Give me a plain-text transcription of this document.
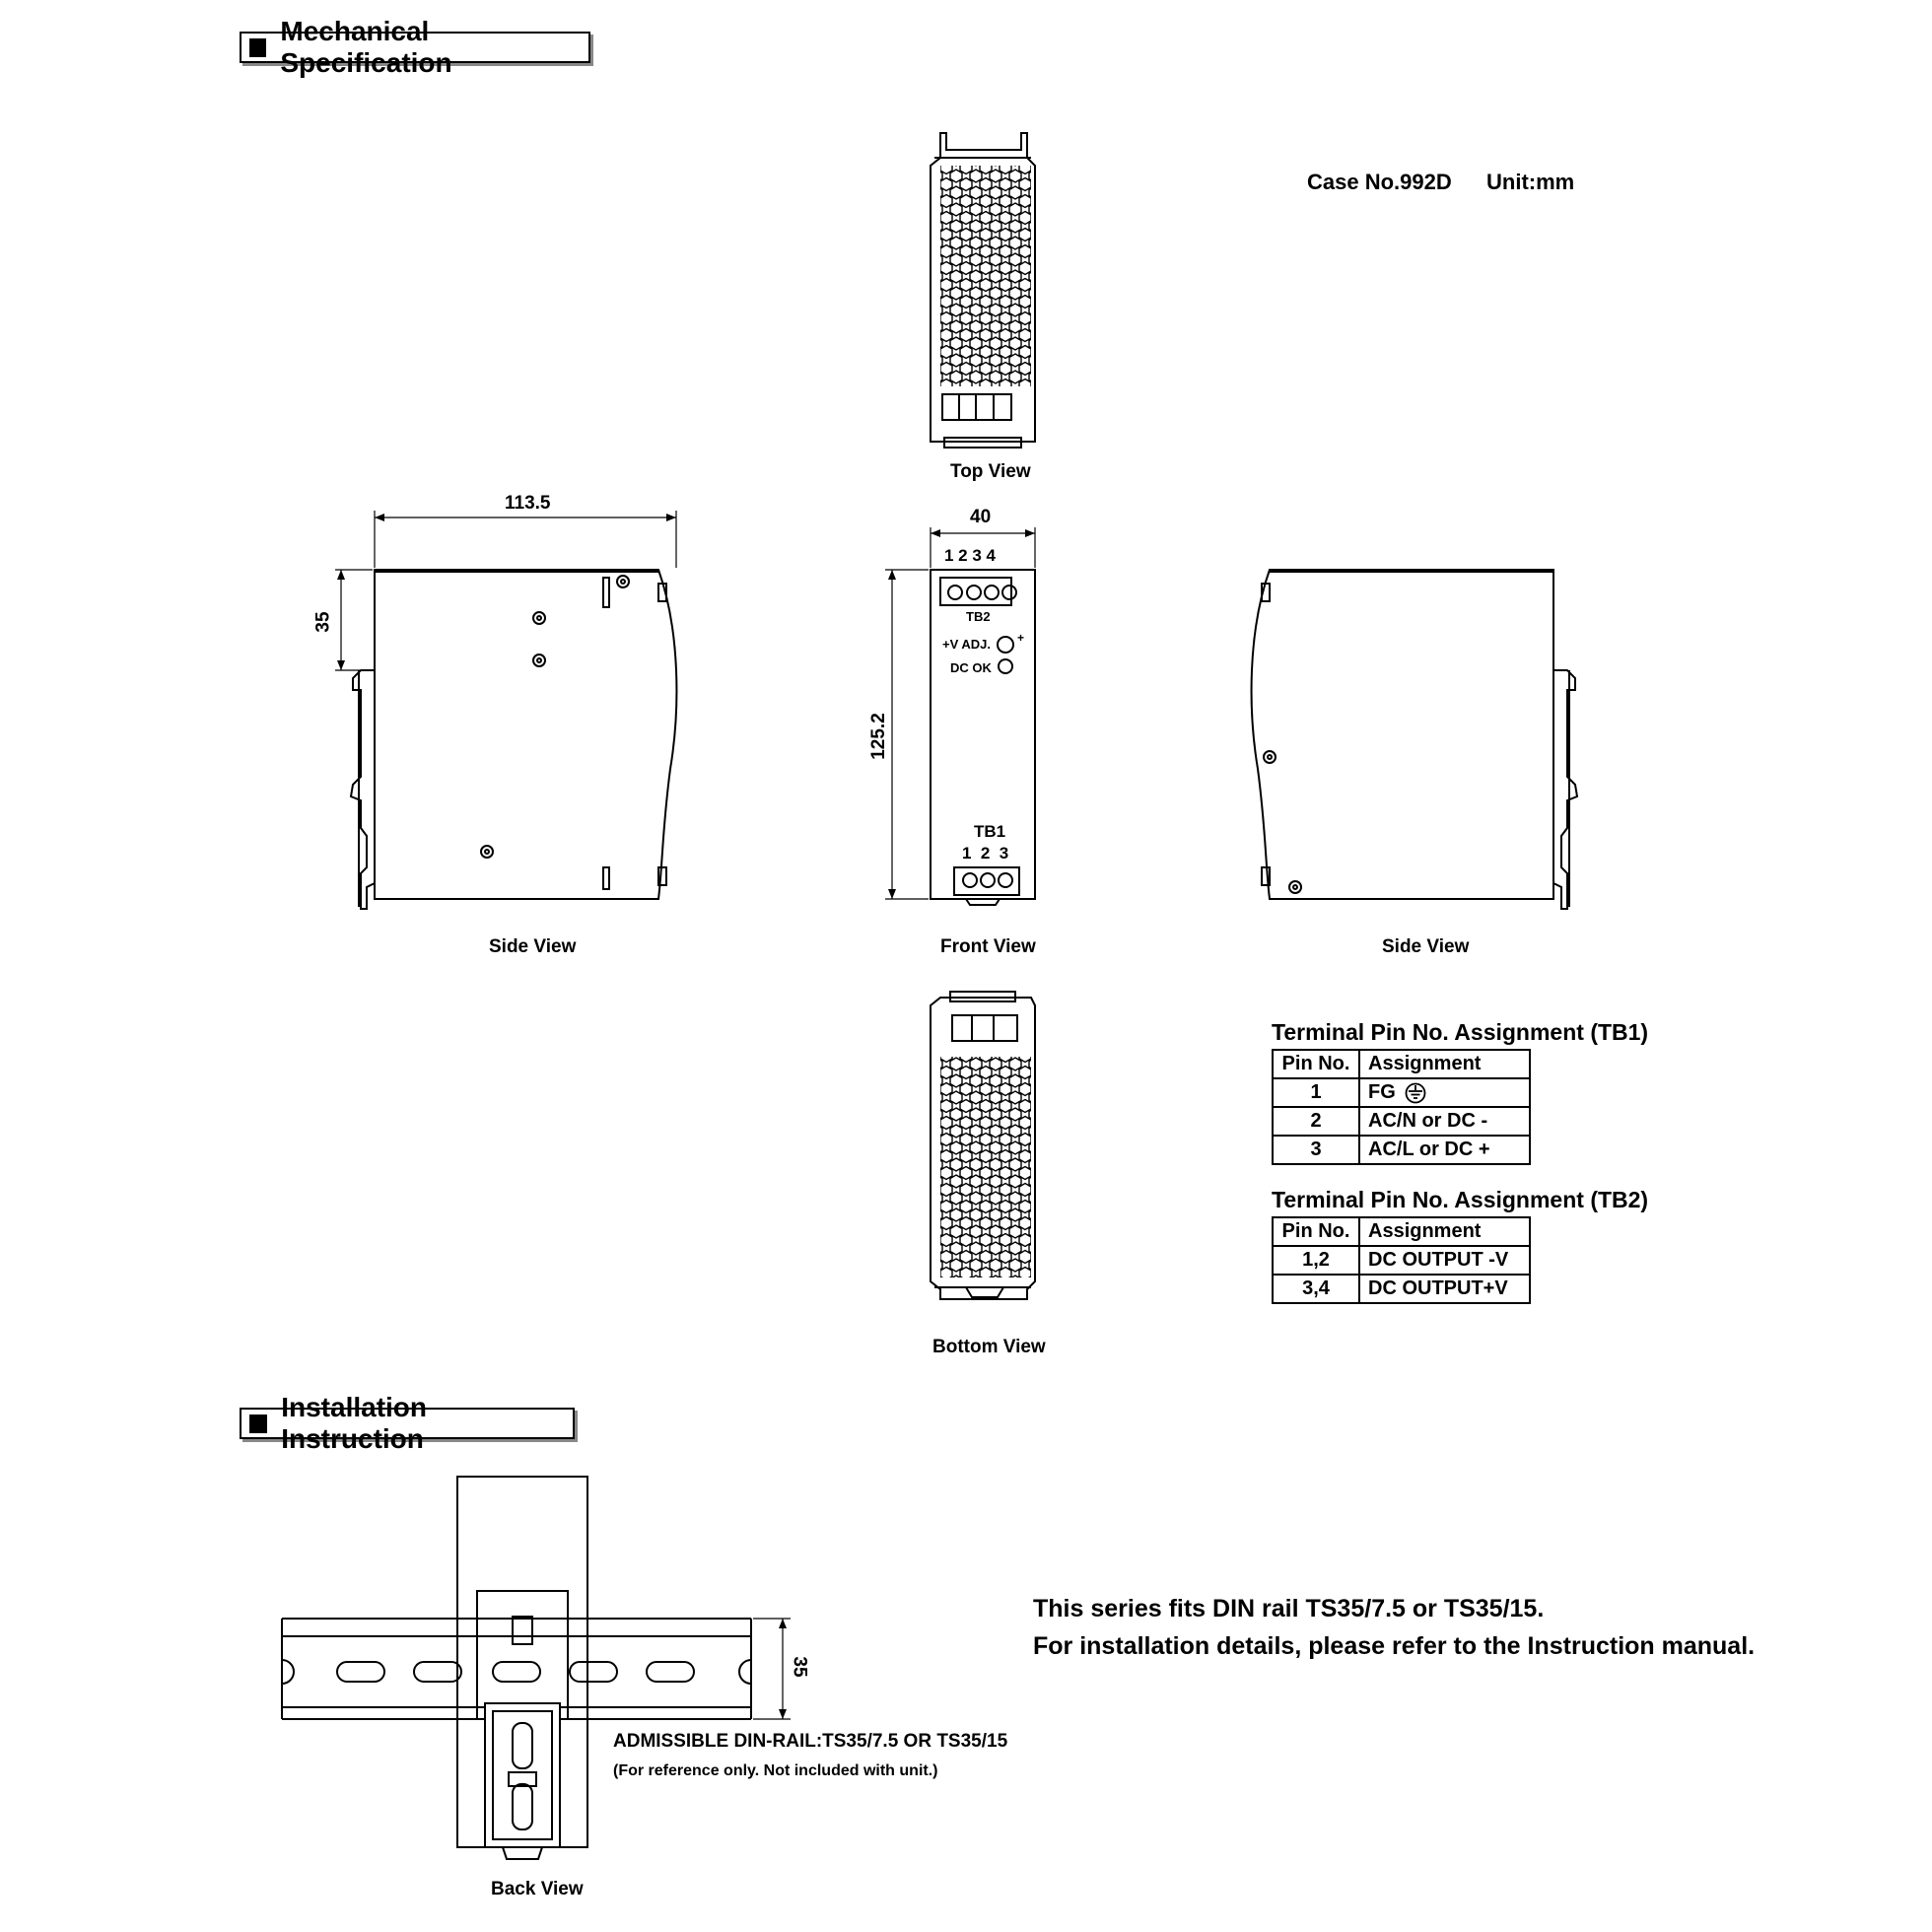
Mechanical Specification
Installation Instruction
Case No.992D Unit:mm
113.5
35
40
125.2
35
1 2 3 4
TB2
+V ADJ. +
DC OK
TB1
1  2  3
Top View
Side View	Front View	Side View
Bottom View
Back View
Terminal Pin No. Assignment (TB1)
Pin No.	Assignment
1	FG
2	AC/N or DC -
3	AC/L or DC +
Terminal Pin No. Assignment (TB2)
Pin No.	Assignment
1,2	DC OUTPUT -V
3,4	DC OUTPUT+V
This series fits DIN rail TS35/7.5 or TS35/15.
For installation details, please refer to the Instruction manual.
ADMISSIBLE DIN-RAIL:TS35/7.5 OR TS35/15
(For reference only. Not included with unit.)
